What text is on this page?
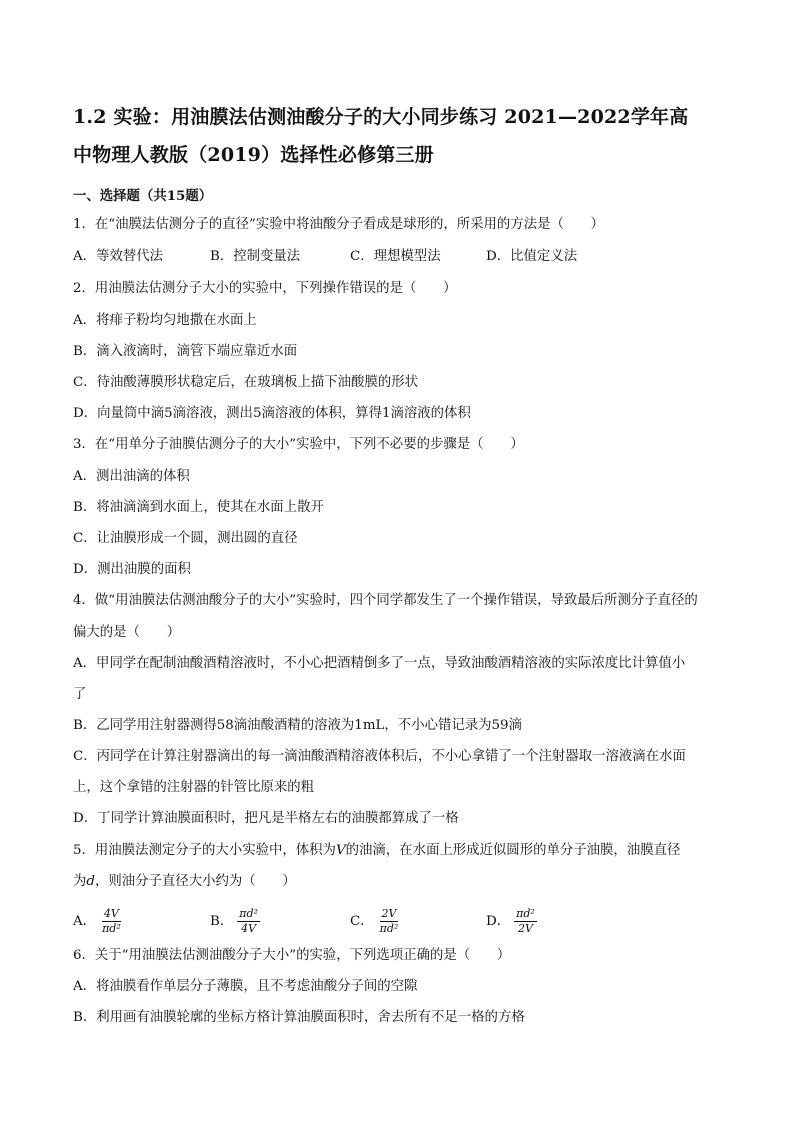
1.2 实验：用油膜法估测油酸分子的大小同步练习 2021—2022学年高
中物理人教版（2019）选择性必修第三册
一、选择题（共15题）
1．在“油膜法估测分子的直径”实验中将油酸分子看成是球形的，所采用的方法是（　　）
A．等效替代法	B．控制变量法	C．理想模型法	D．比值定义法
2．用油膜法估测分子大小的实验中，下列操作错误的是（　　）
A．将痱子粉均匀地撒在水面上
B．滴入液滴时，滴管下端应靠近水面
C．待油酸薄膜形状稳定后，在玻璃板上描下油酸膜的形状
D．向量筒中滴5滴溶液，测出5滴溶液的体积，算得1滴溶液的体积
3．在“用单分子油膜估测分子的大小”实验中，下列不必要的步骤是（　　）
A．测出油滴的体积
B．将油滴滴到水面上，使其在水面上散开
C．让油膜形成一个圆，测出圆的直径
D．测出油膜的面积
4．做“用油膜法估测油酸分子的大小”实验时，四个同学都发生了一个操作错误，导致最后所测分子直径的
偏大的是（　　）
A．甲同学在配制油酸酒精溶液时，不小心把酒精倒多了一点，导致油酸酒精溶液的实际浓度比计算值小
了
B．乙同学用注射器测得58滴油酸酒精的溶液为1mL，不小心错记录为59滴
C．丙同学在计算注射器滴出的每一滴油酸酒精溶液体积后，不小心拿错了一个注射器取一溶液滴在水面
上，这个拿错的注射器的针管比原来的粗
D．丁同学计算油膜面积时，把凡是半格左右的油膜都算成了一格
5．用油膜法测定分子的大小实验中，体积为V的油滴，在水面上形成近似圆形的单分子油膜，油膜直径
为d，则油分子直径大小约为（　　）
A． $\frac{4V}{\text{πd²}}$	B． $\frac{\text{πd²}}{4V}$	C． $\frac{2V}{\text{πd²}}$	D． $\frac{\text{πd²}}{2V}$
6．关于“用油膜法估测油酸分子大小”的实验，下列选项正确的是（　　）
A．将油膜看作单层分子薄膜，且不考虑油酸分子间的空隙
B．利用画有油膜轮廓的坐标方格计算油膜面积时，舍去所有不足一格的方格
